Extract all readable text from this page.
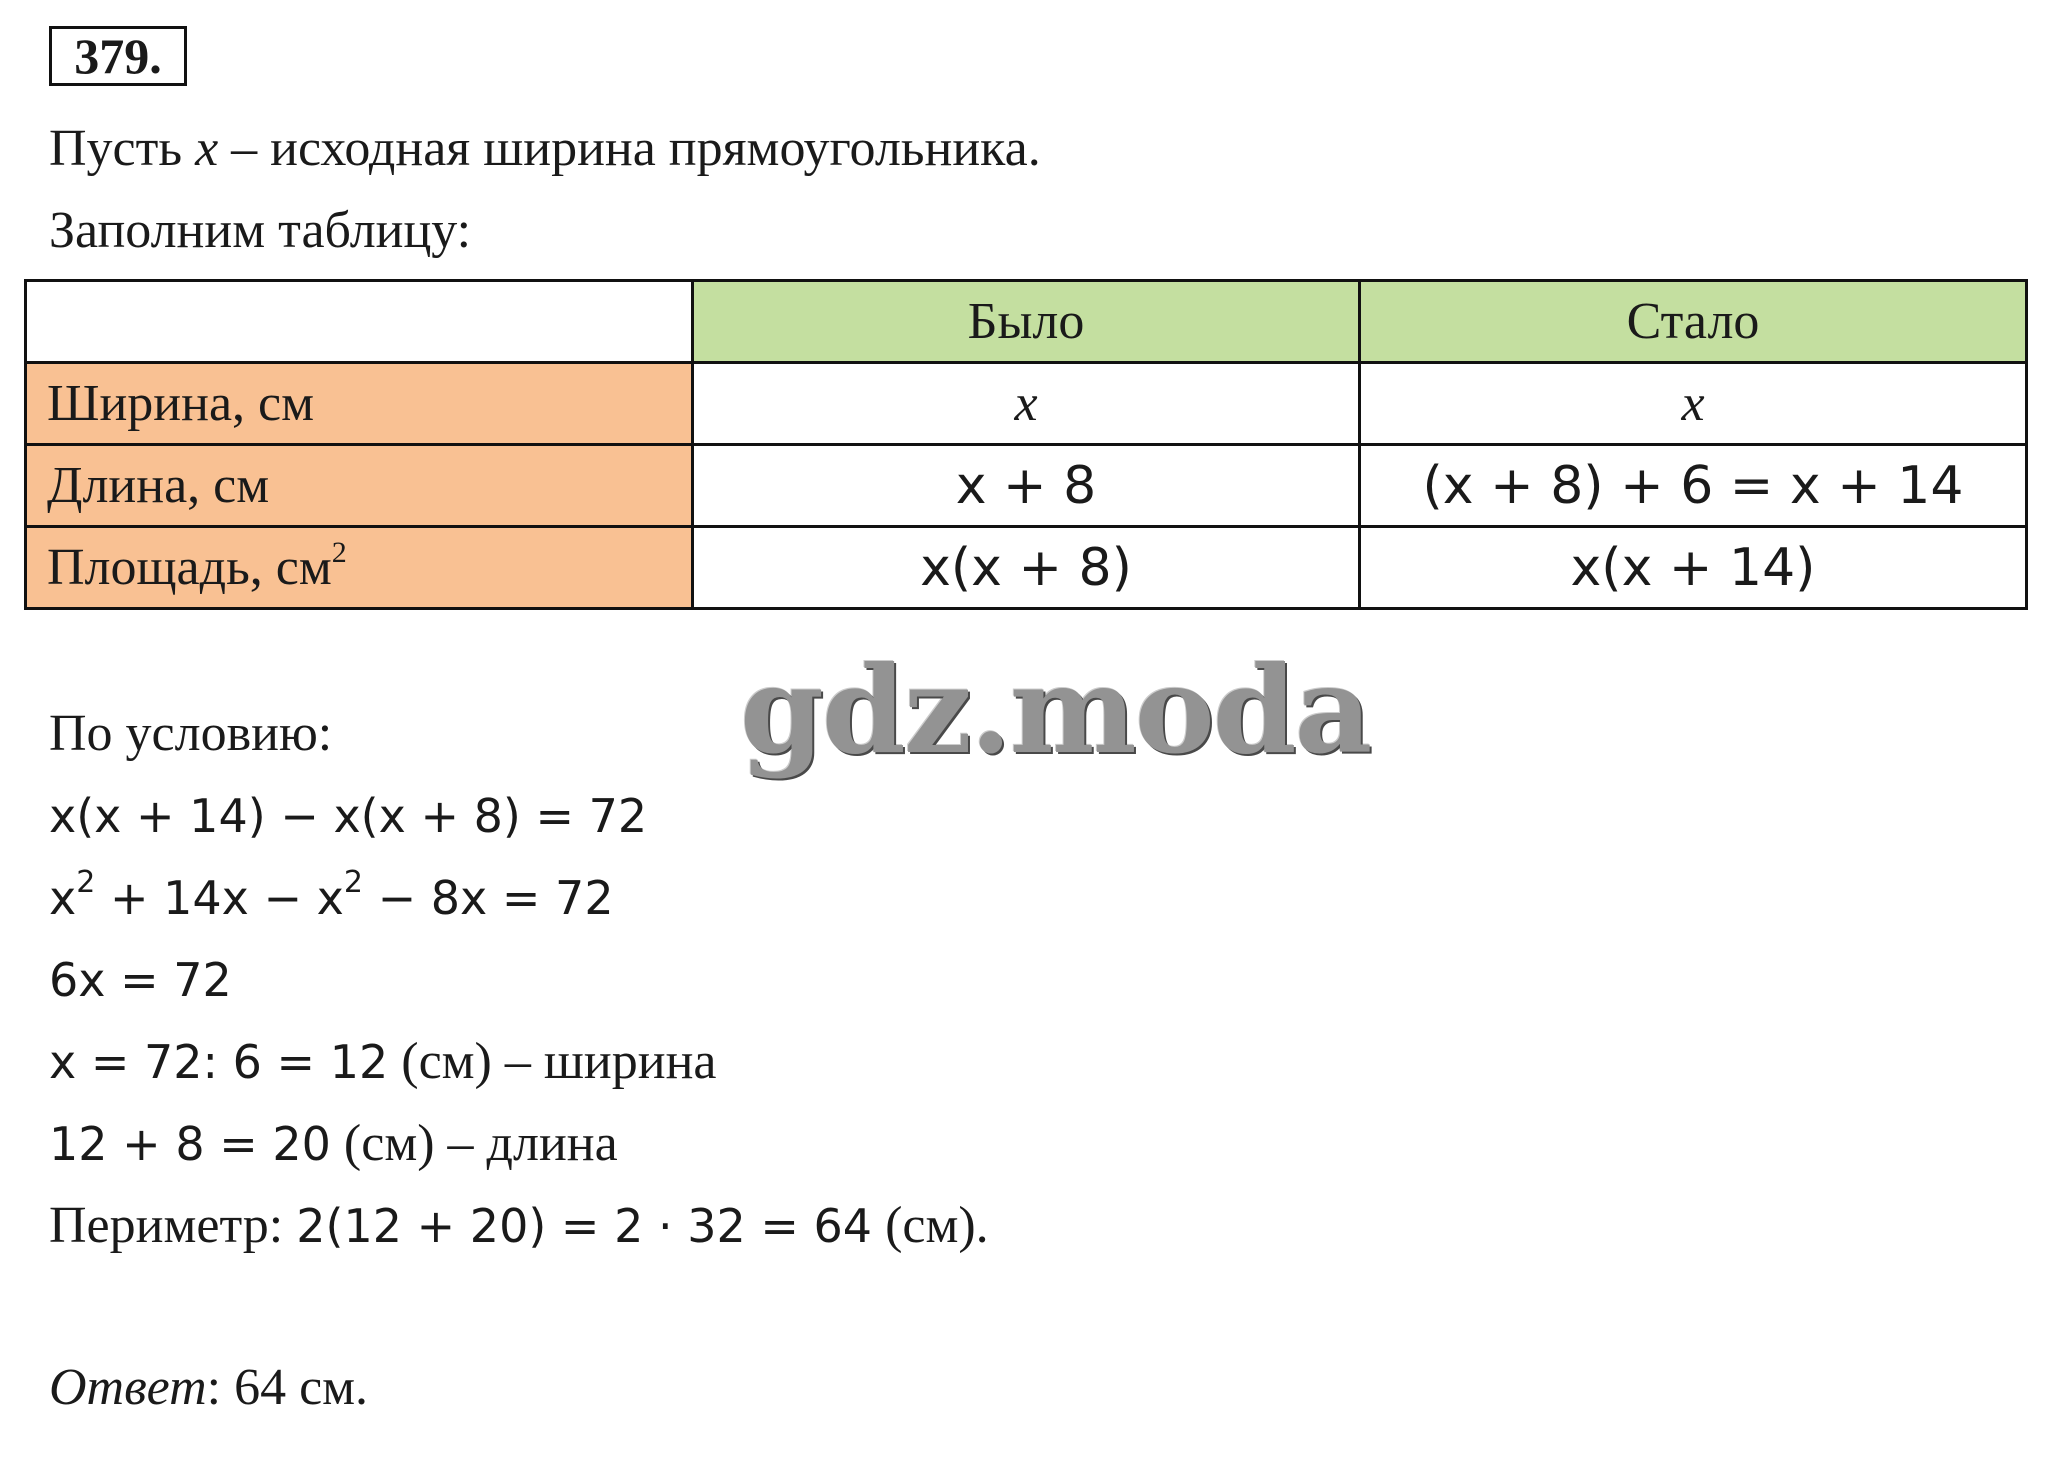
379.
Пусть x – исходная ширина прямоугольника.
Заполним таблицу:
	Было	Стало
Ширина, см	x	x
Длина, см	x + 8	(x + 8) + 6 = x + 14
Площадь, $см^2$	x(x + 8)	x(x + 14)
gdz.moda
По условию:
x(x + 14) − x(x + 8) = 72
$x^2 + 14x - x^2 - 8x = 72$
6x = 72
x = 72: 6 = 12 (см) – ширина
12 + 8 = 20 (см) – длина
Периметр: 2(12 + 20) = 2 · 32 = 64 (см).
Ответ: 64 см.
